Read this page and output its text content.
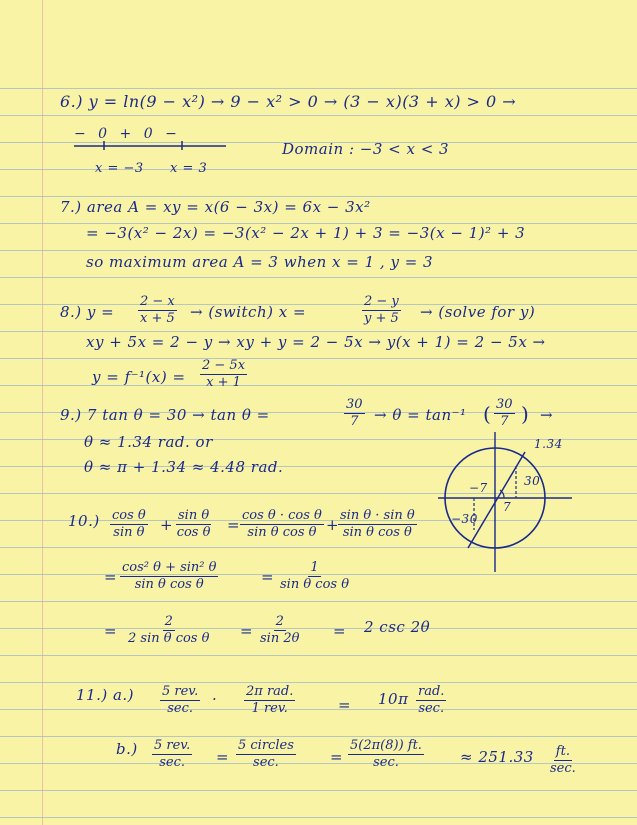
6.) y = ln(9 − x²) → 9 − x² > 0 → (3 − x)(3 + x) > 0 →
− 0 + 0 −
x = −3 x = 3
Domain : −3 < x < 3
7.) area A = xy = x(6 − 3x) = 6x − 3x²
= −3(x² − 2x) = −3(x² − 2x + 1) + 3 = −3(x − 1)² + 3
so maximum area A = 3 when x = 1 , y = 3
8.) $y = \frac{2 - x}{x + 5}$ → (switch) x =	$\frac{2 - y}{y + 5}$ → (solve for y)
xy + 5x = 2 − y → xy + y = 2 − 5x → y(x + 1) = 2 − 5x →
$y = f^{-1}(x) = \frac{2 - 5x}{x + 1}$
9.) 7 tan θ = 30 → tan θ =	$\frac{30}{7} \to \theta = \tan^{-1}$ ( $\frac{30}{7}$ ) →
θ ≈ 1.34 rad. or
θ ≈ π + 1.34 ≈ 4.48 rad.
1.34
30
−7
7
−30
$10.) \frac{\text{cos θ}}{\text{sin θ}} + \frac{\text{sin θ}}{\text{cos θ}} = \frac{\text{cos θ · cos θ}}{\text{sin θ cos θ}}$ +
$\frac{\text{sin θ · sin θ}}{\text{sin θ cos θ}}$
= $\frac{\text{cos² θ + sin² θ}}{\text{sin θ cos θ}}$	= $\frac{1}{\text{sin θ cos θ}}$
= $\frac{2}{\text{2 sin θ cos θ}} = \frac{2}{\sin 2\theta} = 2$ csc 2θ
11.) a.) 5 rev.
sec.
· 2π rad.
1 rev.	= 10π rad.
sec.
b.) 5 rev.
sec. =
5 circles
sec.	=
5(2π(8)) ft.
sec.	≈ 251.33 ft.
sec.
